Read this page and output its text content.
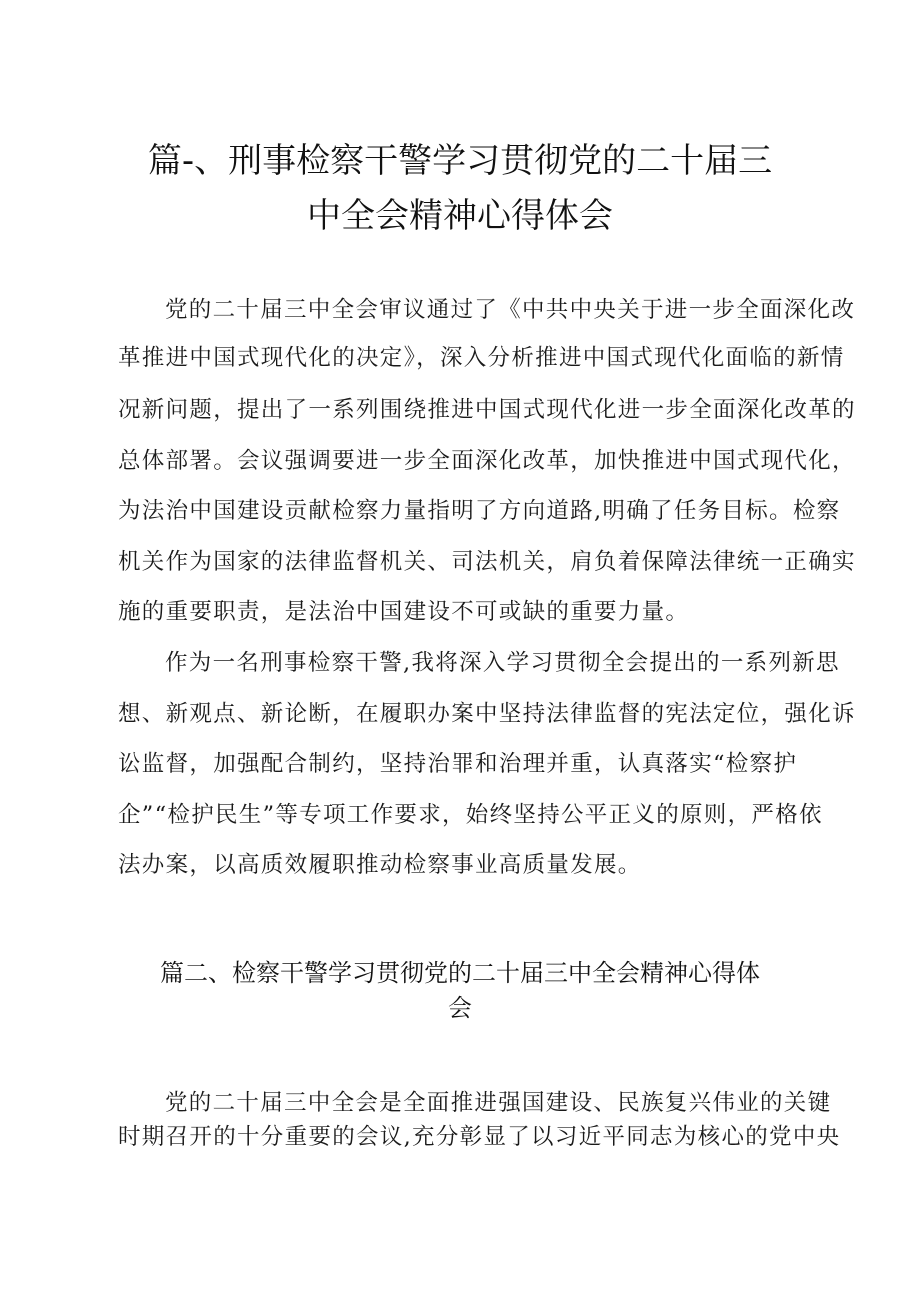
篇-、刑事检察干警学习贯彻党的二十届三
中全会精神心得体会
党的二十届三中全会审议通过了《中共中央关于进一步全面深化改
革推进中国式现代化的决定》，深入分析推进中国式现代化面临的新情
况新问题，提出了一系列围绕推进中国式现代化进一步全面深化改革的
总体部署。会议强调要进一步全面深化改革，加快推进中国式现代化，
为法治中国建设贡献检察力量指明了方向道路,明确了任务目标。检察
机关作为国家的法律监督机关、司法机关，肩负着保障法律统一正确实
施的重要职责，是法治中国建设不可或缺的重要力量。
作为一名刑事检察干警,我将深入学习贯彻全会提出的一系列新思
想、新观点、新论断，在履职办案中坚持法律监督的宪法定位，强化诉
讼监督，加强配合制约，坚持治罪和治理并重，认真落实“检察护
企”“检护民生”等专项工作要求，始终坚持公平正义的原则，严格依
法办案，以高质效履职推动检察事业高质量发展。
篇二、检察干警学习贯彻党的二十届三中全会精神心得体
会
党的二十届三中全会是全面推进强国建设、民族复兴伟业的关键
时期召开的十分重要的会议,充分彰显了以习近平同志为核心的党中央
